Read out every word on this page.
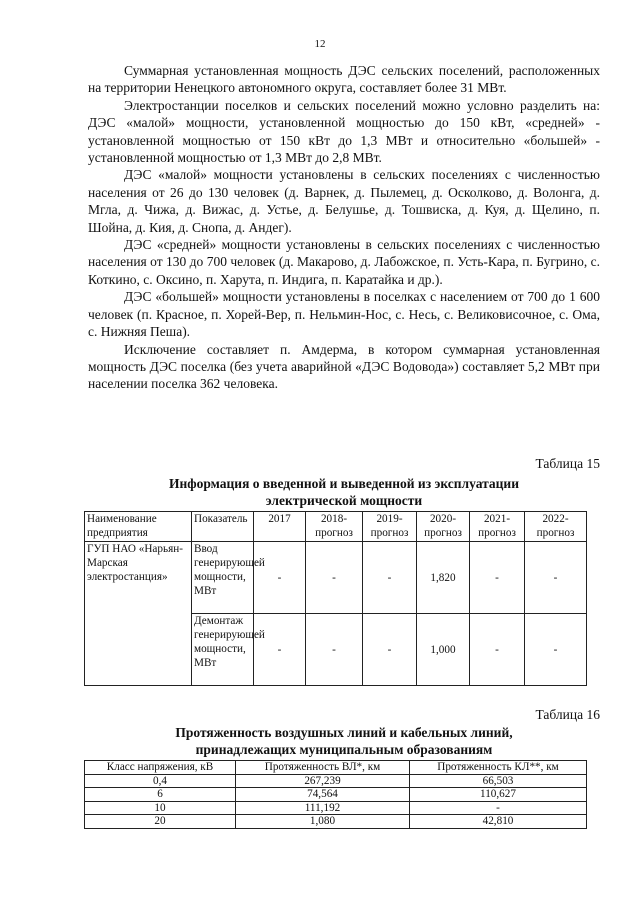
12

Суммарная установленная мощность ДЭС сельских поселений, расположенных на территории Ненецкого автономного округа, составляет более 31 МВт.

Электростанции поселков и сельских поселений можно условно разделить на: ДЭС «малой» мощности, установленной мощностью до 150 кВт, «средней» - установленной мощностью от 150 кВт до 1,3 МВт и относительно «большей» - установленной мощностью от 1,3 МВт до 2,8 МВт.

ДЭС «малой» мощности установлены в сельских поселениях с численностью населения от 26 до 130 человек (д. Варнек, д. Пылемец, д. Осколково, д. Волонга, д. Мгла, д. Чижа, д. Вижас, д. Устье, д. Белушье, д. Тошвиска, д. Куя, д. Щелино, п. Шойна, д. Кия, д. Снопа, д. Андег).

ДЭС «средней» мощности установлены в сельских поселениях с численностью населения от 130 до 700 человек (д. Макарово, д. Лабожское, п. Усть-Кара, п. Бугрино, с. Коткино, с. Оксино, п. Харута, п. Индига, п. Каратайка и др.).

ДЭС «большей» мощности установлены в поселках с населением от 700 до 1 600 человек (п. Красное, п. Хорей-Вер, п. Нельмин-Нос, с. Несь, с. Великовисочное, с. Ома, с. Нижняя Пеша).

Исключение составляет п. Амдерма, в котором суммарная установленная мощность ДЭС поселка (без учета аварийной «ДЭС Водовода») составляет 5,2 МВт при населении поселка 362 человека.

Таблица 15
Информация о введенной и выведенной из эксплуатации
электрической мощности
Наименование предприятия	Показатель	2017	2018-прогноз	2019-прогноз	2020-прогноз	2021-прогноз	2022-прогноз
ГУП НАО «Нарьян-Марская электростанция»	Ввод генерирующей мощности, МВт	-	-	-	1,820	-	-
	Демонтаж генерирующей мощности, МВт	-	-	-	1,000	-	-
Таблица 16
Протяженность воздушных линий и кабельных линий,
принадлежащих муниципальным образованиям
Класс напряжения, кВ	Протяженность ВЛ*, км	Протяженность КЛ**, км
0,4	267,239	66,503
6	74,564	110,627
10	111,192	-
20	1,080	42,810
